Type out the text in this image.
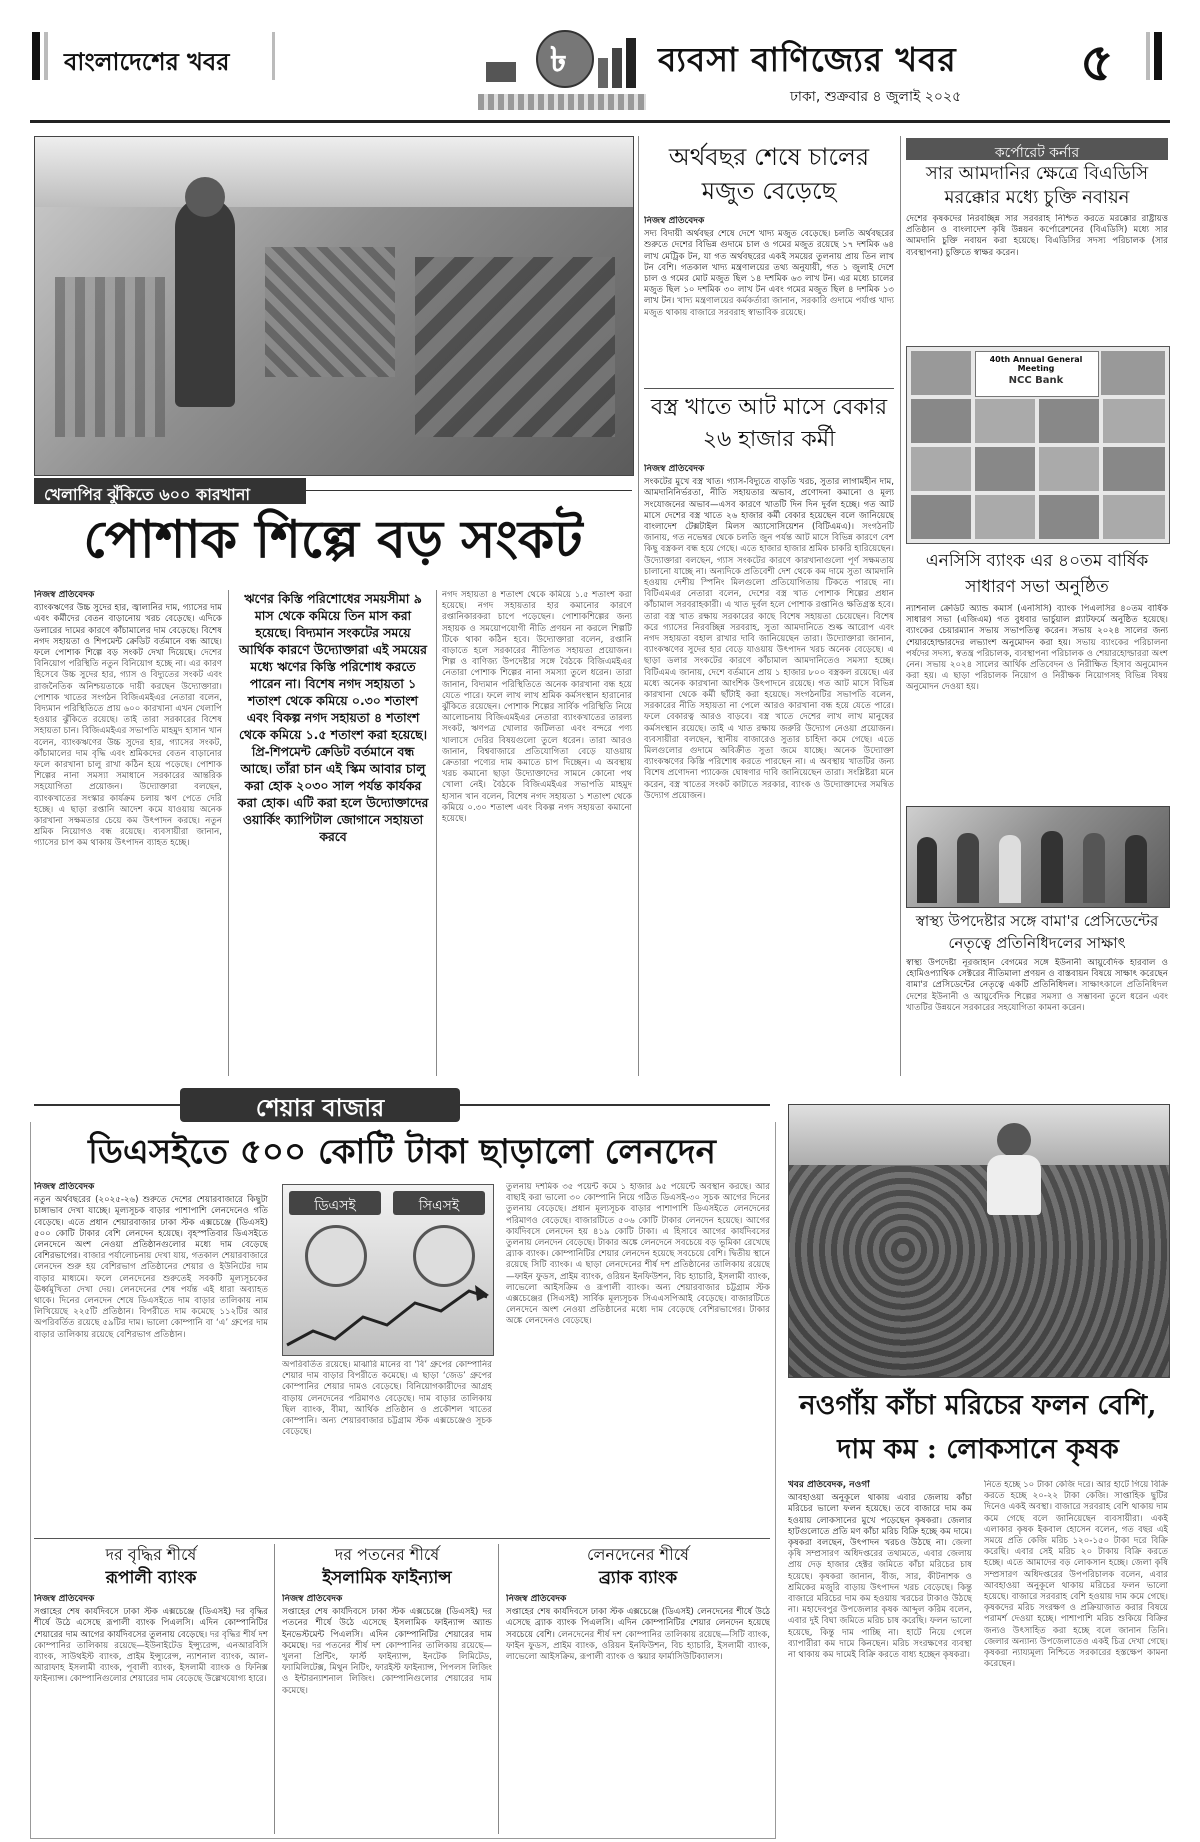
বাংলাদেশের খবর	৳	ব্যবসা বাণিজ্যের খবর
ঢাকা, শুক্রবার ৪ জুলাই ২০২৫
৫
খেলাপির ঝুঁকিতে ৬০০ কারখানা
পোশাক শিল্পে বড় সংকট
নিজস্ব প্রতিবেদক
ব্যাংকঋণের উচ্চ সুদের হার, জ্বালানির দাম, গ্যাসের দাম এবং কর্মীদের বেতন বাড়ানোয় খরচ বেড়েছে। এদিকে ডলারের দামের কারণে কাঁচামালের দাম বেড়েছে। বিশেষ নগদ সহায়তা ও শিপমেন্ট ক্রেডিট বর্তমানে বন্ধ আছে। ফলে পোশাক শিল্পে বড় সংকট দেখা দিয়েছে। দেশের বিনিয়োগ পরিস্থিতি নতুন বিনিয়োগ হচ্ছে না। এর কারণ হিসেবে উচ্চ সুদের হার, গ্যাস ও বিদ্যুতের সংকট এবং রাজনৈতিক অনিশ্চয়তাকে দায়ী করছেন উদ্যোক্তারা। পোশাক খাতের সংগঠন বিজিএমইএর নেতারা বলেন, বিদ্যমান পরিস্থিতিতে প্রায় ৬০০ কারখানা এখন খেলাপি হওয়ার ঝুঁকিতে রয়েছে। তাই তারা সরকারের বিশেষ সহায়তা চান। বিজিএমইএর সভাপতি মাহমুদ হাসান খান বলেন, ব্যাংকঋণের উচ্চ সুদের হার, গ্যাসের সংকট, কাঁচামালের দাম বৃদ্ধি এবং শ্রমিকদের বেতন বাড়ানোর ফলে কারখানা চালু রাখা কঠিন হয়ে পড়েছে। পোশাক শিল্পের নানা সমস্যা সমাধানে সরকারের আন্তরিক সহযোগিতা প্রয়োজন। উদ্যোক্তারা বলছেন, ব্যাংকখাতের সংস্কার কার্যক্রম চলায় ঋণ পেতে দেরি হচ্ছে। এ ছাড়া রপ্তানি আদেশ কমে যাওয়ায় অনেক কারখানা সক্ষমতার চেয়ে কম উৎপাদন করছে। নতুন শ্রমিক নিয়োগও বন্ধ রয়েছে। ব্যবসায়ীরা জানান, গ্যাসের চাপ কম থাকায় উৎপাদন ব্যাহত হচ্ছে।
ঋণের কিস্তি পরিশোধের সময়সীমা ৯ মাস থেকে কমিয়ে তিন মাস করা হয়েছে। বিদ্যমান সংকটের সময়ে আর্থিক কারণে উদ্যোক্তারা এই সময়ের মধ্যে ঋণের কিস্তি পরিশোধ করতে পারেন না। বিশেষ নগদ সহায়তা ১ শতাংশ থেকে কমিয়ে ০.৩০ শতাংশ এবং বিকল্প নগদ সহায়তা ৪ শতাংশ থেকে কমিয়ে ১.৫ শতাংশ করা হয়েছে। প্রি-শিপমেন্ট ক্রেডিট বর্তমানে বন্ধ আছে। তাঁরা চান এই স্কিম আবার চালু করা হোক ২০৩০ সাল পর্যন্ত কার্যকর করা হোক। এটি করা হলে উদ্যোক্তাদের ওয়ার্কিং ক্যাপিটাল জোগানে সহায়তা করবে
নগদ সহায়তা ৪ শতাংশ থেকে কমিয়ে ১.৫ শতাংশ করা হয়েছে। নগদ সহায়তার হার কমানোর কারণে রপ্তানিকারকরা চাপে পড়েছেন। পোশাকশিল্পের জন্য সহায়ক ও সময়োপযোগী নীতি প্রণয়ন না করলে শিল্পটি টিকে থাকা কঠিন হবে। উদ্যোক্তারা বলেন, রপ্তানি বাড়াতে হলে সরকারের নীতিগত সহায়তা প্রয়োজন। শিল্প ও বাণিজ্য উপদেষ্টার সঙ্গে বৈঠকে বিজিএমইএর নেতারা পোশাক শিল্পের নানা সমস্যা তুলে ধরেন। তারা জানান, বিদ্যমান পরিস্থিতিতে অনেক কারখানা বন্ধ হয়ে যেতে পারে। ফলে লাখ লাখ শ্রমিক কর্মসংস্থান হারানোর ঝুঁকিতে রয়েছেন। পোশাক শিল্পের সার্বিক পরিস্থিতি নিয়ে আলোচনায় বিজিএমইএর নেতারা ব্যাংকখাতের তারল্য সংকট, ঋণপত্র খোলার জটিলতা এবং বন্দরে পণ্য খালাসে দেরির বিষয়গুলো তুলে ধরেন। তারা আরও জানান, বিশ্ববাজারে প্রতিযোগিতা বেড়ে যাওয়ায় ক্রেতারা পণ্যের দাম কমাতে চাপ দিচ্ছেন। এ অবস্থায় খরচ কমানো ছাড়া উদ্যোক্তাদের সামনে কোনো পথ খোলা নেই। বৈঠকে বিজিএমইএর সভাপতি মাহমুদ হাসান খান বলেন, বিশেষ নগদ সহায়তা ১ শতাংশ থেকে কমিয়ে ০.৩০ শতাংশ এবং বিকল্প নগদ সহায়তা কমানো হয়েছে।
অর্থবছর শেষে চালের মজুত বেড়েছে
নিজস্ব প্রতিবেদক
সদ্য বিদায়ী অর্থবছর শেষে দেশে খাদ্য মজুত বেড়েছে। চলতি অর্থবছরের শুরুতে দেশের বিভিন্ন গুদামে চাল ও গমের মজুত রয়েছে ১৭ দশমিক ৬৪ লাখ মেট্রিক টন, যা গত অর্থবছরের একই সময়ের তুলনায় প্রায় তিন লাখ টন বেশি। গতকাল খাদ্য মন্ত্রণালয়ের তথ্য অনুযায়ী, গত ১ জুলাই দেশে চাল ও গমের মোট মজুত ছিল ১৪ দশমিক ৬৩ লাখ টন। এর মধ্যে চালের মজুত ছিল ১০ দশমিক ৩০ লাখ টন এবং গমের মজুত ছিল ৪ দশমিক ১৩ লাখ টন। খাদ্য মন্ত্রণালয়ের কর্মকর্তারা জানান, সরকারি গুদামে পর্যাপ্ত খাদ্য মজুত থাকায় বাজারে সরবরাহ স্বাভাবিক রয়েছে।
বস্ত্র খাতে আট মাসে বেকার ২৬ হাজার কর্মী
নিজস্ব প্রতিবেদক
সংকটের মুখে বস্ত্র খাত। গ্যাস-বিদ্যুতে বাড়তি খরচ, সুতার লাগামহীন দাম, আমদানিনির্ভরতা, নীতি সহায়তার অভাব, প্রণোদনা কমানো ও মূল্য সংযোজনের অভাব—এসব কারণে খাতটি দিন দিন দুর্বল হচ্ছে। গত আট মাসে দেশের বস্ত্র খাতে ২৬ হাজার কর্মী বেকার হয়েছেন বলে জানিয়েছে বাংলাদেশ টেক্সটাইল মিলস অ্যাসোসিয়েশন (বিটিএমএ)। সংগঠনটি জানায়, গত নভেম্বর থেকে চলতি জুন পর্যন্ত আট মাসে বিভিন্ন কারণে বেশ কিছু বস্ত্রকল বন্ধ হয়ে গেছে। এতে হাজার হাজার শ্রমিক চাকরি হারিয়েছেন। উদ্যোক্তারা বলছেন, গ্যাস সংকটের কারণে কারখানাগুলো পূর্ণ সক্ষমতায় চালানো যাচ্ছে না। অন্যদিকে প্রতিবেশী দেশ থেকে কম দামে সুতা আমদানি হওয়ায় দেশীয় স্পিনিং মিলগুলো প্রতিযোগিতায় টিকতে পারছে না। বিটিএমএর নেতারা বলেন, দেশের বস্ত্র খাত পোশাক শিল্পের প্রধান কাঁচামাল সরবরাহকারী। এ খাত দুর্বল হলে পোশাক রপ্তানিও ক্ষতিগ্রস্ত হবে। তারা বস্ত্র খাত রক্ষায় সরকারের কাছে বিশেষ সহায়তা চেয়েছেন। বিশেষ করে গ্যাসের নিরবচ্ছিন্ন সরবরাহ, সুতা আমদানিতে শুল্ক আরোপ এবং নগদ সহায়তা বহাল রাখার দাবি জানিয়েছেন তারা। উদ্যোক্তারা জানান, ব্যাংকঋণের সুদের হার বেড়ে যাওয়ায় উৎপাদন খরচ অনেক বেড়েছে। এ ছাড়া ডলার সংকটের কারণে কাঁচামাল আমদানিতেও সমস্যা হচ্ছে। বিটিএমএ জানায়, দেশে বর্তমানে প্রায় ১ হাজার ৮০০ বস্ত্রকল রয়েছে। এর মধ্যে অনেক কারখানা আংশিক উৎপাদনে রয়েছে। গত আট মাসে বিভিন্ন কারখানা থেকে কর্মী ছাঁটাই করা হয়েছে। সংগঠনটির সভাপতি বলেন, সরকারের নীতি সহায়তা না পেলে আরও কারখানা বন্ধ হয়ে যেতে পারে। ফলে বেকারত্ব আরও বাড়বে। বস্ত্র খাতে দেশের লাখ লাখ মানুষের কর্মসংস্থান রয়েছে। তাই এ খাত রক্ষায় জরুরি উদ্যোগ নেওয়া প্রয়োজন। ব্যবসায়ীরা বলছেন, স্থানীয় বাজারেও সুতার চাহিদা কমে গেছে। এতে মিলগুলোর গুদামে অবিক্রীত সুতা জমে যাচ্ছে। অনেক উদ্যোক্তা ব্যাংকঋণের কিস্তি পরিশোধ করতে পারছেন না। এ অবস্থায় খাতটির জন্য বিশেষ প্রণোদনা প্যাকেজ ঘোষণার দাবি জানিয়েছেন তারা। সংশ্লিষ্টরা মনে করেন, বস্ত্র খাতের সংকট কাটাতে সরকার, ব্যাংক ও উদ্যোক্তাদের সমন্বিত উদ্যোগ প্রয়োজন।
কর্পোরেট কর্নার
সার আমদানির ক্ষেত্রে বিএডিসি মরক্কোর মধ্যে চুক্তি নবায়ন
দেশের কৃষকদের নিরবচ্ছিন্ন সার সরবরাহ নিশ্চিত করতে মরক্কোর রাষ্ট্রায়ত্ত প্রতিষ্ঠান ও বাংলাদেশ কৃষি উন্নয়ন কর্পোরেশনের (বিএডিসি) মধ্যে সার আমদানি চুক্তি নবায়ন করা হয়েছে। বিএডিসির সদস্য পরিচালক (সার ব্যবস্থাপনা) চুক্তিতে স্বাক্ষর করেন।
40th Annual General Meeting
NCC Bank
এনসিসি ব্যাংক এর ৪০তম বার্ষিক সাধারণ সভা অনুষ্ঠিত
ন্যাশনাল ক্রেডিট অ্যান্ড কমার্স (এনসিসি) ব্যাংক পিএলসির ৪০তম বার্ষিক সাধারণ সভা (এজিএম) গত বুধবার ভার্চুয়াল প্ল্যাটফর্মে অনুষ্ঠিত হয়েছে। ব্যাংকের চেয়ারম্যান সভায় সভাপতিত্ব করেন। সভায় ২০২৪ সালের জন্য শেয়ারহোল্ডারদের লভ্যাংশ অনুমোদন করা হয়। সভায় ব্যাংকের পরিচালনা পর্ষদের সদস্য, স্বতন্ত্র পরিচালক, ব্যবস্থাপনা পরিচালক ও শেয়ারহোল্ডাররা অংশ নেন। সভায় ২০২৪ সালের আর্থিক প্রতিবেদন ও নিরীক্ষিত হিসাব অনুমোদন করা হয়। এ ছাড়া পরিচালক নিয়োগ ও নিরীক্ষক নিয়োগসহ বিভিন্ন বিষয় অনুমোদন দেওয়া হয়।
স্বাস্থ্য উপদেষ্টার সঙ্গে বামা'র প্রেসিডেন্টের নেতৃত্বে প্রতিনিধিদলের সাক্ষাৎ
স্বাস্থ্য উপদেষ্টা নূরজাহান বেগমের সঙ্গে ইউনানী আয়ুর্বেদিক হারবাল ও হোমিওপ্যাথিক সেক্টরের নীতিমালা প্রণয়ন ও বাস্তবায়ন বিষয়ে সাক্ষাৎ করেছেন বামা'র প্রেসিডেন্টের নেতৃত্বে একটি প্রতিনিধিদল। সাক্ষাৎকালে প্রতিনিধিদল দেশের ইউনানী ও আয়ুর্বেদিক শিল্পের সমস্যা ও সম্ভাবনা তুলে ধরেন এবং খাতটির উন্নয়নে সরকারের সহযোগিতা কামনা করেন।
শেয়ার বাজার
ডিএসইতে ৫০০ কোটি টাকা ছাড়ালো লেনদেন
নিজস্ব প্রতিবেদক
নতুন অর্থবছরের (২০২৫-২৬) শুরুতে দেশের শেয়ারবাজারে কিছুটা চাঙ্গাভাব দেখা যাচ্ছে। মূল্যসূচক বাড়ার পাশাপাশি লেনদেনেও গতি বেড়েছে। এতে প্রধান শেয়ারবাজার ঢাকা স্টক এক্সচেঞ্জে (ডিএসই) ৫০০ কোটি টাকার বেশি লেনদেন হয়েছে। বৃহস্পতিবার ডিএসইতে লেনদেনে অংশ নেওয়া প্রতিষ্ঠানগুলোর মধ্যে দাম বেড়েছে বেশিরভাগের। বাজার পর্যালোচনায় দেখা যায়, গতকাল শেয়ারবাজারে লেনদেন শুরু হয় বেশিরভাগ প্রতিষ্ঠানের শেয়ার ও ইউনিটের দাম বাড়ার মাধ্যমে। ফলে লেনদেনের শুরুতেই সবকটি মূল্যসূচকের ঊর্ধ্বমুখিতা দেখা দেয়। লেনদেনের শেষ পর্যন্ত এই ধারা অব্যাহত থাকে। দিনের লেনদেন শেষে ডিএসইতে দাম বাড়ার তালিকায় নাম লিখিয়েছে ২২৫টি প্রতিষ্ঠান। বিপরীতে দাম কমেছে ১১২টির আর অপরিবর্তিত রয়েছে ৫৯টির দাম। ভালো কোম্পানি বা ‘এ’ গ্রুপের দাম বাড়ার তালিকায় রয়েছে বেশিরভাগ প্রতিষ্ঠান।
ডিএসই	সিএসই
অপরিবর্তিত রয়েছে। মাঝারি মানের বা ‘বি’ গ্রুপের কোম্পানির শেয়ার দাম বাড়ার বিপরীতে কমেছে। এ ছাড়া ‘জেড’ গ্রুপের কোম্পানির শেয়ার দামও বেড়েছে। বিনিয়োগকারীদের আগ্রহ বাড়ায় লেনদেনের পরিমাণও বেড়েছে। দাম বাড়ার তালিকায় ছিল ব্যাংক, বীমা, আর্থিক প্রতিষ্ঠান ও প্রকৌশল খাতের কোম্পানি। অন্য শেয়ারবাজার চট্টগ্রাম স্টক এক্সচেঞ্জেও সূচক বেড়েছে।
তুলনায় দশমিক ৩৫ পয়েন্ট কমে ১ হাজার ৯৫ পয়েন্টে অবস্থান করছে। আর বাছাই করা ভালো ৩০ কোম্পানি নিয়ে গঠিত ডিএসই-৩০ সূচক আগের দিনের তুলনায় বেড়েছে। প্রধান মূল্যসূচক বাড়ার পাশাপাশি ডিএসইতে লেনদেনের পরিমাণও বেড়েছে। বাজারটিতে ৫০৬ কোটি টাকার লেনদেন হয়েছে। আগের কার্যদিবসে লেনদেন হয় ৪১৯ কোটি টাকা। এ হিসাবে আগের কার্যদিবসের তুলনায় লেনদেন বেড়েছে। টাকার অঙ্কে লেনদেনে সবচেয়ে বড় ভূমিকা রেখেছে ব্র্যাক ব্যাংক। কোম্পানিটির শেয়ার লেনদেন হয়েছে সবচেয়ে বেশি। দ্বিতীয় স্থানে রয়েছে সিটি ব্যাংক। এ ছাড়া লেনদেনের শীর্ষ দশ প্রতিষ্ঠানের তালিকায় রয়েছে—ফাইন ফুডস, প্রাইম ব্যাংক, ওরিয়ন ইনফিউশন, বিচ হ্যাচারি, ইসলামী ব্যাংক, লাভেলো আইসক্রিম ও রূপালী ব্যাংক। অন্য শেয়ারবাজার চট্টগ্রাম স্টক এক্সচেঞ্জের (সিএসই) সার্বিক মূল্যসূচক সিএএসপিআই বেড়েছে। বাজারটিতে লেনদেনে অংশ নেওয়া প্রতিষ্ঠানের মধ্যে দাম বেড়েছে বেশিরভাগের। টাকার অঙ্কে লেনদেনও বেড়েছে।
দর বৃদ্ধির শীর্ষে
রূপালী ব্যাংক
নিজস্ব প্রতিবেদক
সপ্তাহের শেষ কার্যদিবসে ঢাকা স্টক এক্সচেঞ্জে (ডিএসই) দর বৃদ্ধির শীর্ষে উঠে এসেছে রূপালী ব্যাংক পিএলসি। এদিন কোম্পানিটির শেয়ারের দাম আগের কার্যদিবসের তুলনায় বেড়েছে। দর বৃদ্ধির শীর্ষ দশ কোম্পানির তালিকায় রয়েছে—ইউনাইটেড ইন্স্যুরেন্স, এনআরবিসি ব্যাংক, সাউথইস্ট ব্যাংক, প্রাইম ইন্স্যুরেন্স, ন্যাশনাল ব্যাংক, আল-আরাফাহ ইসলামী ব্যাংক, পূবালী ব্যাংক, ইসলামী ব্যাংক ও ফিনিক্স ফাইন্যান্স। কোম্পানিগুলোর শেয়ারের দাম বেড়েছে উল্লেখযোগ্য হারে।
দর পতনের শীর্ষে
ইসলামিক ফাইন্যান্স
নিজস্ব প্রতিবেদক
সপ্তাহের শেষ কার্যদিবসে ঢাকা স্টক এক্সচেঞ্জে (ডিএসই) দর পতনের শীর্ষে উঠে এসেছে ইসলামিক ফাইন্যান্স অ্যান্ড ইনভেস্টমেন্ট পিএলসি। এদিন কোম্পানিটির শেয়ারের দাম কমেছে। দর পতনের শীর্ষ দশ কোম্পানির তালিকায় রয়েছে—খুলনা প্রিন্টিং, ফার্স্ট ফাইন্যান্স, ইনটেক লিমিটেড, ফ্যামিলিটেক্স, মিথুন নিটিং, ফারইস্ট ফাইন্যান্স, পিপলস লিজিং ও ইন্টারন্যাশনাল লিজিং। কোম্পানিগুলোর শেয়ারের দাম কমেছে।
লেনদেনের শীর্ষে
ব্র্যাক ব্যাংক
নিজস্ব প্রতিবেদক
সপ্তাহের শেষ কার্যদিবসে ঢাকা স্টক এক্সচেঞ্জে (ডিএসই) লেনদেনের শীর্ষে উঠে এসেছে ব্র্যাক ব্যাংক পিএলসি। এদিন কোম্পানিটির শেয়ার লেনদেন হয়েছে সবচেয়ে বেশি। লেনদেনের শীর্ষ দশ কোম্পানির তালিকায় রয়েছে—সিটি ব্যাংক, ফাইন ফুডস, প্রাইম ব্যাংক, ওরিয়ন ইনফিউশন, বিচ হ্যাচারি, ইসলামী ব্যাংক, লাভেলো আইসক্রিম, রূপালী ব্যাংক ও স্কয়ার ফার্মাসিউটিক্যালস।
নওগাঁয় কাঁচা মরিচের ফলন বেশি, দাম কম : লোকসানে কৃষক
খবর প্রতিবেদক, নওগাঁ
আবহাওয়া অনুকূলে থাকায় এবার জেলায় কাঁচা মরিচের ভালো ফলন হয়েছে। তবে বাজারে দাম কম হওয়ায় লোকসানের মুখে পড়েছেন কৃষকরা। জেলার হাটগুলোতে প্রতি মণ কাঁচা মরিচ বিক্রি হচ্ছে কম দামে। কৃষকরা বলছেন, উৎপাদন খরচও উঠছে না। জেলা কৃষি সম্প্রসারণ অধিদপ্তরের তথ্যমতে, এবার জেলায় প্রায় দেড় হাজার হেক্টর জমিতে কাঁচা মরিচের চাষ হয়েছে। কৃষকরা জানান, বীজ, সার, কীটনাশক ও শ্রমিকের মজুরি বাড়ায় উৎপাদন খরচ বেড়েছে। কিন্তু বাজারে মরিচের দাম কম হওয়ায় খরচের টাকাও উঠছে না। মহাদেবপুর উপজেলার কৃষক আব্দুল করিম বলেন, এবার দুই বিঘা জমিতে মরিচ চাষ করেছি। ফলন ভালো হয়েছে, কিন্তু দাম পাচ্ছি না। হাটে নিয়ে গেলে ব্যাপারীরা কম দামে কিনছেন। মরিচ সংরক্ষণের ব্যবস্থা না থাকায় কম দামেই বিক্রি করতে বাধ্য হচ্ছেন কৃষকরা।
নিতে হচ্ছে ১০ টাকা কেজি দরে। আর হাটে গিয়ে বিক্রি করতে হচ্ছে ২০-২২ টাকা কেজি। সাপ্তাহিক ছুটির দিনেও একই অবস্থা। বাজারে সরবরাহ বেশি থাকায় দাম কমে গেছে বলে জানিয়েছেন ব্যবসায়ীরা। একই এলাকার কৃষক ইকবাল হোসেন বলেন, গত বছর এই সময়ে প্রতি কেজি মরিচ ১২০-১৫০ টাকা দরে বিক্রি করেছি। এবার সেই মরিচ ২০ টাকায় বিক্রি করতে হচ্ছে। এতে আমাদের বড় লোকসান হচ্ছে। জেলা কৃষি সম্প্রসারণ অধিদপ্তরের উপপরিচালক বলেন, এবার আবহাওয়া অনুকূলে থাকায় মরিচের ফলন ভালো হয়েছে। বাজারে সরবরাহ বেশি হওয়ায় দাম কমে গেছে। কৃষকদের মরিচ সংরক্ষণ ও প্রক্রিয়াজাত করার বিষয়ে পরামর্শ দেওয়া হচ্ছে। পাশাপাশি মরিচ শুকিয়ে বিক্রির জন্যও উৎসাহিত করা হচ্ছে বলে জানান তিনি। জেলার অন্যান্য উপজেলাতেও একই চিত্র দেখা গেছে। কৃষকরা ন্যায্যমূল্য নিশ্চিতে সরকারের হস্তক্ষেপ কামনা করেছেন।
